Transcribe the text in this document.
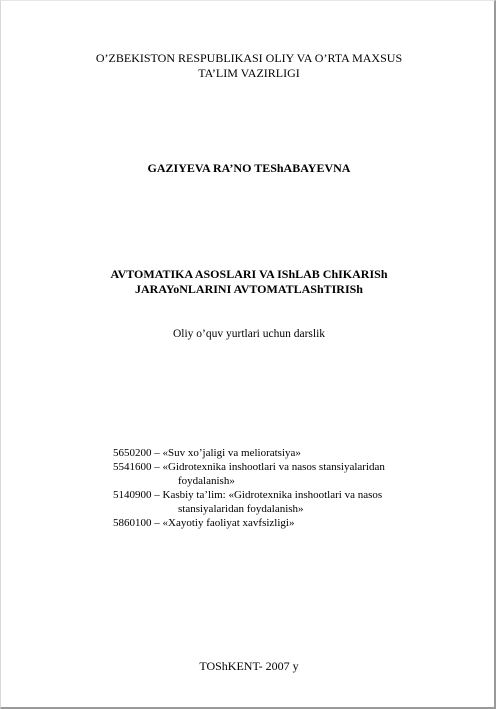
O’ZBEKISTON RESPUBLIKASI OLIY VA O’RTA MAXSUS
TA’LIM VAZIRLIGI
GAZIYEVA RA’NO TEShABAYEVNA
AVTOMATIKA ASOSLARI VA IShLAB ChIKARISh
JARAYoNLARINI AVTOMATLAShTIRISh
Oliy o’quv yurtlari uchun darslik
5650200 – «Suv xo’jaligi va melioratsiya»
5541600 – «Gidrotexnika inshootlari va nasos stansiyalaridan
foydalanish»
5140900 – Kasbiy ta’lim: «Gidrotexnika inshootlari va nasos
stansiyalaridan foydalanish»
5860100 – «Xayotiy faoliyat xavfsizligi»
TOShKENT- 2007 y
